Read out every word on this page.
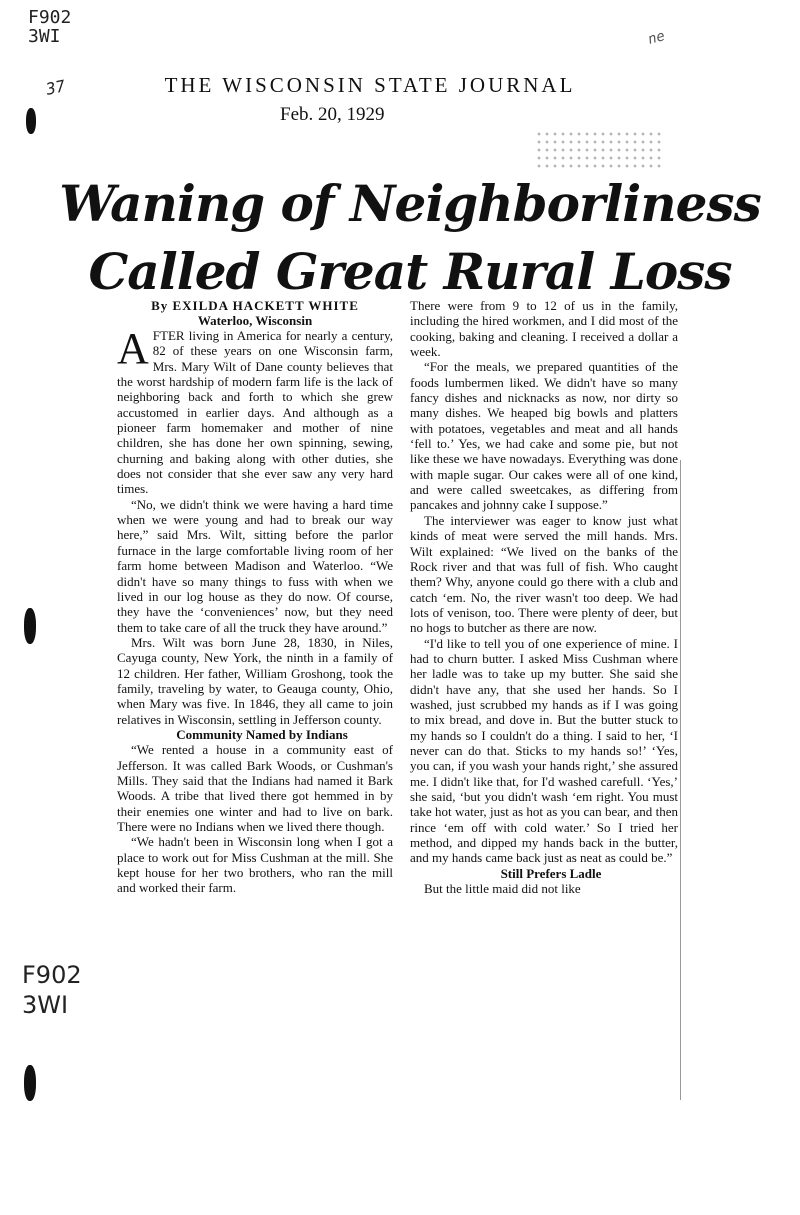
F902
3WI
37
ne
F902
3WI
THE WISCONSIN STATE JOURNAL
Feb. 20, 1929
Waning of Neighborliness
Called Great Rural Loss
By EXILDA HACKETT WHITE
Waterloo, Wisconsin

AFTER living in America for nearly a century, 82 of these years on one Wisconsin farm, Mrs. Mary Wilt of Dane county believes that the worst hardship of modern farm life is the lack of neighboring back and forth to which she grew accustomed in earlier days. And although as a pioneer farm homemaker and mother of nine children, she has done her own spinning, sewing, churning and baking along with other duties, she does not consider that she ever saw any very hard times.

“No, we didn't think we were having a hard time when we were young and had to break our way here,” said Mrs. Wilt, sitting before the parlor furnace in the large comfortable living room of her farm home between Madison and Waterloo. “We didn't have so many things to fuss with when we lived in our log house as they do now. Of course, they have the ‘conveniences’ now, but they need them to take care of all the truck they have around.”

Mrs. Wilt was born June 28, 1830, in Niles, Cayuga county, New York, the ninth in a family of 12 children. Her father, William Groshong, took the family, traveling by water, to Geauga county, Ohio, when Mary was five. In 1846, they all came to join relatives in Wisconsin, settling in Jefferson county.

Community Named by Indians

“We rented a house in a community east of Jefferson. It was called Bark Woods, or Cushman's Mills. They said that the Indians had named it Bark Woods. A tribe that lived there got hemmed in by their enemies one winter and had to live on bark. There were no Indians when we lived there though.

“We hadn't been in Wisconsin long when I got a place to work out for Miss Cushman at the mill. She kept house for her two brothers, who ran the mill and worked their farm.

There were from 9 to 12 of us in the family, including the hired workmen, and I did most of the cooking, baking and cleaning. I received a dollar a week.

“For the meals, we prepared quantities of the foods lumbermen liked. We didn't have so many fancy dishes and nicknacks as now, nor dirty so many dishes. We heaped big bowls and platters with potatoes, vegetables and meat and all hands ‘fell to.’ Yes, we had cake and some pie, but not like these we have nowadays. Everything was done with maple sugar. Our cakes were all of one kind, and were called sweetcakes, as differing from pancakes and johnny cake I suppose.”

The interviewer was eager to know just what kinds of meat were served the mill hands. Mrs. Wilt explained: “We lived on the banks of the Rock river and that was full of fish. Who caught them? Why, anyone could go there with a club and catch ‘em. No, the river wasn't too deep. We had lots of venison, too. There were plenty of deer, but no hogs to butcher as there are now.

“I'd like to tell you of one experience of mine. I had to churn butter. I asked Miss Cushman where her ladle was to take up my butter. She said she didn't have any, that she used her hands. So I washed, just scrubbed my hands as if I was going to mix bread, and dove in. But the butter stuck to my hands so I couldn't do a thing. I said to her, ‘I never can do that. Sticks to my hands so!’ ‘Yes, you can, if you wash your hands right,’ she assured me. I didn't like that, for I'd washed carefull. ‘Yes,’ she said, ‘but you didn't wash ‘em right. You must take hot water, just as hot as you can bear, and then rince ‘em off with cold water.’ So I tried her method, and dipped my hands back in the butter, and my hands came back just as neat as could be.”

Still Prefers Ladle

But the little maid did not like
